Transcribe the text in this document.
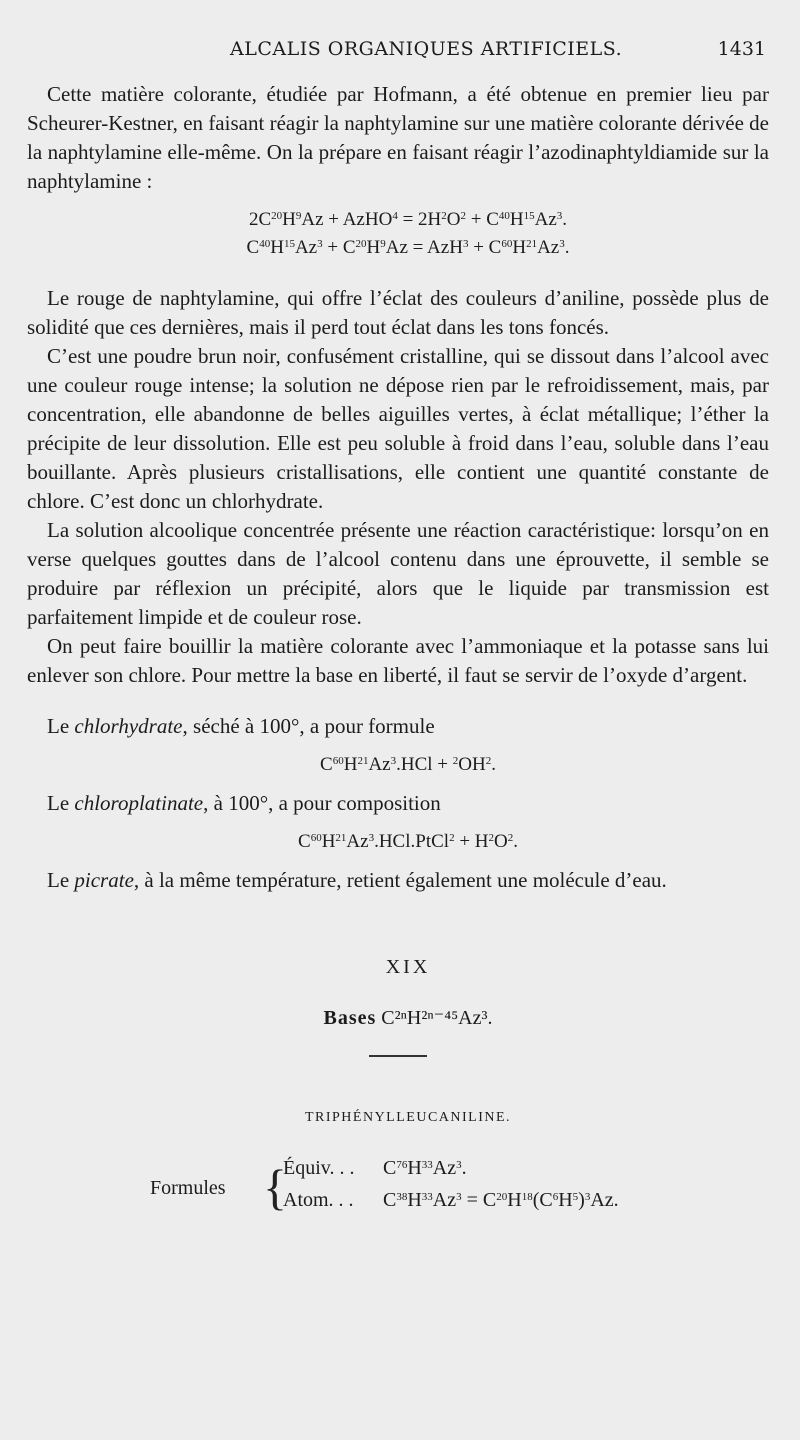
ALCALIS ORGANIQUES ARTIFICIELS.	1431

Cette matière colorante, étudiée par Hofmann, a été obtenue en premier lieu par Scheurer-Kestner, en faisant réagir la naphtylamine sur une matière colorante dérivée de la naphtylamine elle-même. On la prépare en faisant réagir l’azodinaphtyldiamide sur la naphtylamine :

$2C^{20}H^9Az$ + AzHO$^4$ = $2H^2O^2 + C^{40}H^{15}Az^3$.

$C^{40}H^{15}Az^3 + C^{20}H^9Az = AzH^3 + C^{60}H^{21}Az^3$.

Le rouge de naphtylamine, qui offre l’éclat des couleurs d’aniline, possède plus de solidité que ces dernières, mais il perd tout éclat dans les tons foncés.

C’est une poudre brun noir, confusément cristalline, qui se dissout dans l’alcool avec une couleur rouge intense; la solution ne dépose rien par le refroidissement, mais, par concentration, elle abandonne de belles aiguilles vertes, à éclat métallique; l’éther la précipite de leur dissolution. Elle est peu soluble à froid dans l’eau, soluble dans l’eau bouillante. Après plusieurs cristallisations, elle contient une quantité constante de chlore. C’est donc un chlorhydrate.

La solution alcoolique concentrée présente une réaction caractéristique: lorsqu’on en verse quelques gouttes dans de l’alcool contenu dans une éprouvette, il semble se produire par réflexion un précipité, alors que le liquide par transmission est parfaitement limpide et de couleur rose.

On peut faire bouillir la matière colorante avec l’ammoniaque et la potasse sans lui enlever son chlore. Pour mettre la base en liberté, il faut se servir de l’oxyde d’argent.

Le chlorhydrate, séché à 100°, a pour formule

$C^{60}H^{21}Az^3.HCl + ^2OH^2$.

Le chloroplatinate, à 100°, a pour composition

$C^{60}H^{21}Az^3.HCl.PtCl^2 + H^2O^2$.

Le picrate, à la même température, retient également une molécule d’eau.

XIX

Bases C²ⁿH²ⁿ⁻⁴⁵Az³.

TRIPHÉNYLLEUCANILINE.

Formules {
Équiv. . . $C^{76}H^{33}Az^3$.
Atom. . . $C^{38}H^{33}Az^3 = C^{20}H^{18}(C^6H^5)^3Az$.
